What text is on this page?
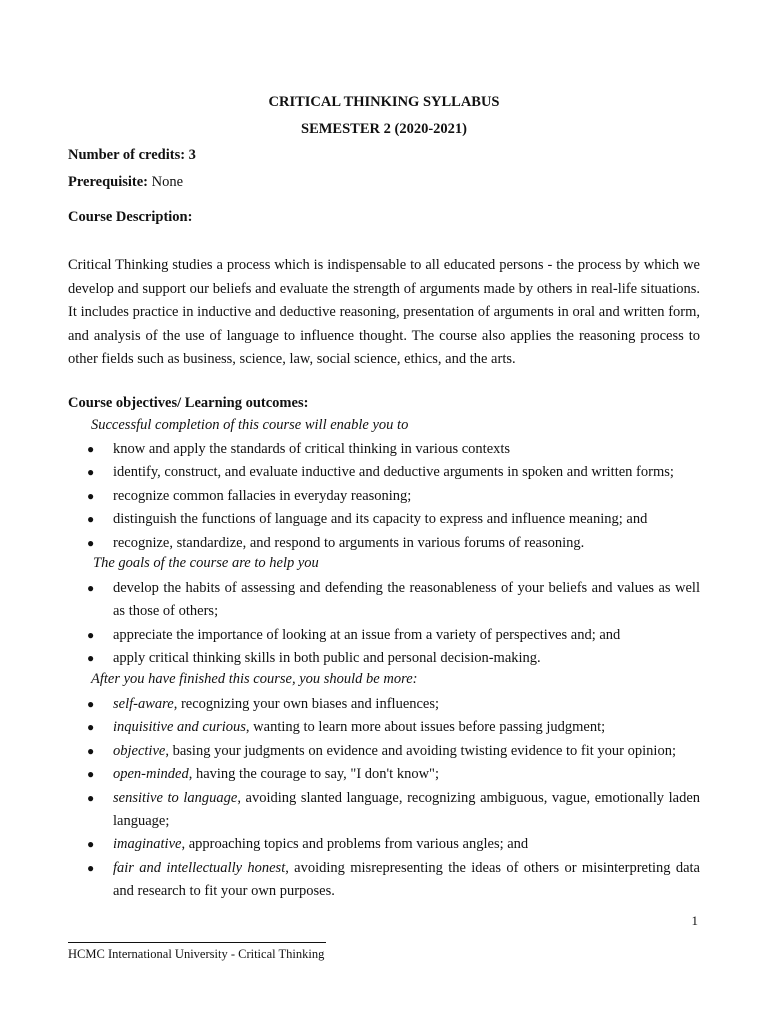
CRITICAL THINKING SYLLABUS
SEMESTER 2 (2020-2021)
Number of credits: 3
Prerequisite: None
Course Description:
Critical Thinking studies a process which is indispensable to all educated persons - the process by which we develop and support our beliefs and evaluate the strength of arguments made by others in real-life situations. It includes practice in inductive and deductive reasoning, presentation of arguments in oral and written form, and analysis of the use of language to influence thought. The course also applies the reasoning process to other fields such as business, science, law, social science, ethics, and the arts.
Course objectives/ Learning outcomes:
Successful completion of this course will enable you to
● know and apply the standards of critical thinking in various contexts
● identify, construct, and evaluate inductive and deductive arguments in spoken and written forms;
● recognize common fallacies in everyday reasoning;
● distinguish the functions of language and its capacity to express and influence meaning; and
● recognize, standardize, and respond to arguments in various forums of reasoning.
The goals of the course are to help you
● develop the habits of assessing and defending the reasonableness of your beliefs and values as well as those of others;
● appreciate the importance of looking at an issue from a variety of perspectives and; and
● apply critical thinking skills in both public and personal decision-making.
After you have finished this course, you should be more:
● self-aware, recognizing your own biases and influences;
● inquisitive and curious, wanting to learn more about issues before passing judgment;
● objective, basing your judgments on evidence and avoiding twisting evidence to fit your opinion;
● open-minded, having the courage to say, "I don't know";
● sensitive to language, avoiding slanted language, recognizing ambiguous, vague, emotionally laden language;
● imaginative, approaching topics and problems from various angles; and
● fair and intellectually honest, avoiding misrepresenting the ideas of others or misinterpreting data and research to fit your own purposes.
1
HCMC International University - Critical Thinking
